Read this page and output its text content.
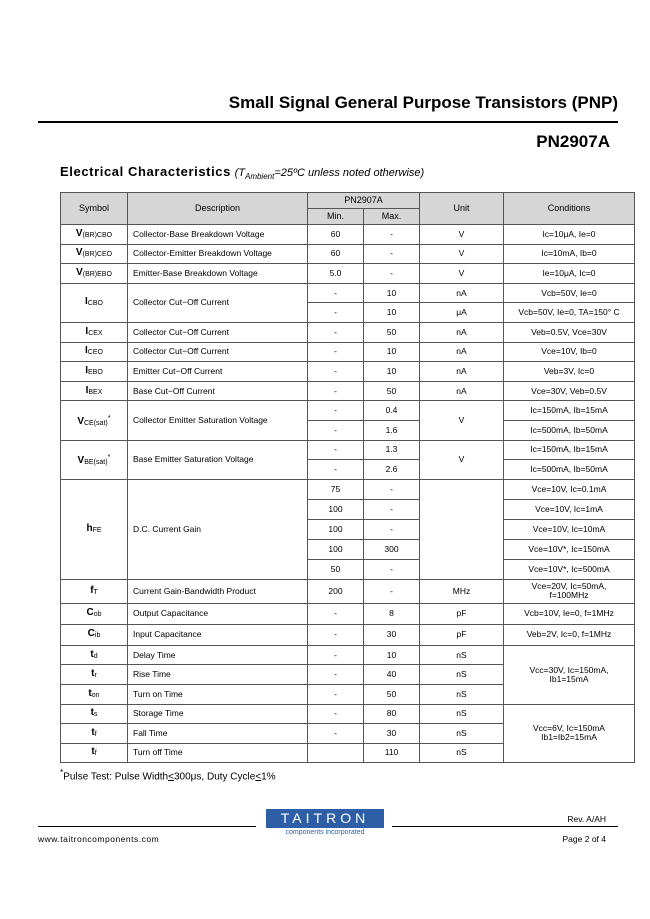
Small Signal General Purpose Transistors (PNP)
PN2907A
Electrical Characteristics ($T_{Ambient}=25ºC$ unless noted otherwise)
Symbol	Description	PN2907A		Unit	Conditions
		Min.	Max.		
$V_{(BR)CBO}$	Collector-Base Breakdown Voltage	60	-	V	Ic=10μA, Ie=0
$V_{(BR)CEO}$	Collector-Emitter Breakdown Voltage	60	-	V	Ic=10mA, Ib=0
$V_{(BR)EBO}$	Emitter-Base Breakdown Voltage	5.0	-	V	Ie=10μA, Ic=0
$I_{CBO}$	Collector Cut−Off Current	-	10	nA	Vcb=50V, Ie=0
		-	10	μA	Vcb=50V, Ie=0, TA=150° C
$I_{CEX}$	Collector Cut−Off Current	-	50	nA	Veb=0.5V, Vce=30V
$I_{CEO}$	Collector Cut−Off Current	-	10	nA	Vce=10V, Ib=0
$I_{EBO}$	Emitter Cut−Off Current	-	10	nA	Veb=3V, Ic=0
$I_{BEX}$	Base Cut−Off Current	-	50	nA	Vce=30V, Veb=0.5V
$V_{CE(sat)}^*$	Collector Emitter Saturation Voltage	-	0.4	V	Ic=150mA, Ib=15mA
		-	1.6		Ic=500mA, Ib=50mA
$V_{BE(sat)}^*$	Base Emitter Saturation Voltage	-	1.3	V	Ic=150mA, Ib=15mA
		-	2.6		Ic=500mA, Ib=50mA
$h_{FE}$	D.C. Current Gain	75	-		Vce=10V, Ic=0.1mA
		100	-		Vce=10V, Ic=1mA
		100	-		Vce=10V, Ic=10mA
		100	300		Vce=10V*, Ic=150mA
		50	-		Vce=10V*, Ic=500mA
$f_T$	Current Gain-Bandwidth Product	200	-	MHz	Vce=20V, Ic=50mA,
f=100MHz
$C_{ob}$	Output Capacitance	-	8	pF	Vcb=10V, Ie=0, f=1MHz
$C_{ib}$	Input Capacitance	-	30	pF	Veb=2V, Ic=0, f=1MHz
$t_d$	Delay Time	-	10	nS	Vcc=30V, Ic=150mA,
Ib1=15mA
$t_r$	Rise Time	-	40	nS	
$t_{on}$	Turn on Time	-	50	nS	
$t_s$	Storage Time	-	80	nS	Vcc=6V, Ic=150mA
Ib1=Ib2=15mA
$t_f$	Fall Time	-	30	nS	
$t_f$	Turn off Time		110	nS	
*Pulse Test: Pulse Width≤300μs, Duty Cycle≤1%
Rev. A/AH
TAITRON
components incorporated
www.taitroncomponents.com	Page 2 of 4
